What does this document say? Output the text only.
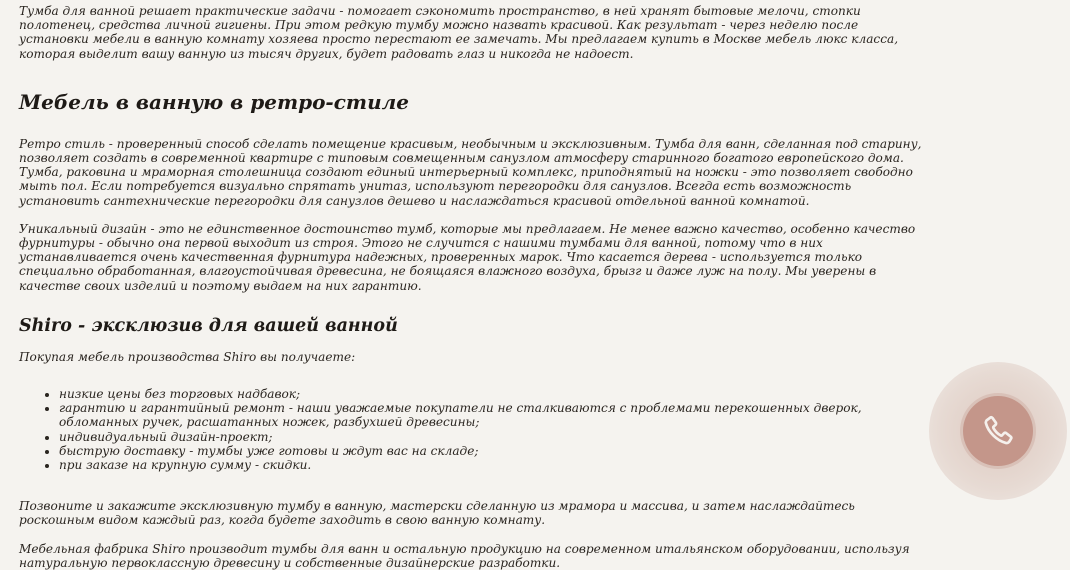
Тумба для ванной решает практические задачи - помогает сэкономить пространство, в ней хранят бытовые мелочи, стопки полотенец, средства личной гигиены. При этом редкую тумбу можно назвать красивой. Как результат - через неделю после установки мебели в ванную комнату хозяева просто перестают ее замечать. Мы предлагаем купить в Москве мебель люкс класса, которая выделит вашу ванную из тысяч других, будет радовать глаз и никогда не надоест.

Мебель в ванную в ретро-стиле

Ретро стиль - проверенный способ сделать помещение красивым, необычным и эксклюзивным. Тумба для ванн, сделанная под старину, позволяет создать в современной квартире с типовым совмещенным санузлом атмосферу старинного богатого европейского дома. Тумба, раковина и мраморная столешница создают единый интерьерный комплекс, приподнятый на ножки - это позволяет свободно мыть пол. Если потребуется визуально спрятать унитаз, используют перегородки для санузлов. Всегда есть возможность установить сантехнические перегородки для санузлов дешево и наслаждаться красивой отдельной ванной комнатой.

Уникальный дизайн - это не единственное достоинство тумб, которые мы предлагаем. Не менее важно качество, особенно качество фурнитуры - обычно она первой выходит из строя. Этого не случится с нашими тумбами для ванной, потому что в них устанавливается очень качественная фурнитура надежных, проверенных марок. Что касается дерева - используется только специально обработанная, влагоустойчивая древесина, не боящаяся влажного воздуха, брызг и даже луж на полу. Мы уверены в качестве своих изделий и поэтому выдаем на них гарантию.

Shiro - эксклюзив для вашей ванной

Покупая мебель производства Shiro вы получаете:

• низкие цены без торговых надбавок;
• гарантию и гарантийный ремонт - наши уважаемые покупатели не сталкиваются с проблемами перекошенных дверок, обломанных ручек, расшатанных ножек, разбухшей древесины;
• индивидуальный дизайн-проект;
• быструю доставку - тумбы уже готовы и ждут вас на складе;
• при заказе на крупную сумму - скидки.

Позвоните и закажите эксклюзивную тумбу в ванную, мастерски сделанную из мрамора и массива, и затем наслаждайтесь роскошным видом каждый раз, когда будете заходить в свою ванную комнату.

Мебельная фабрика Shiro производит тумбы для ванн и остальную продукцию на современном итальянском оборудовании, используя натуральную первоклассную древесину и собственные дизайнерские разработки.
